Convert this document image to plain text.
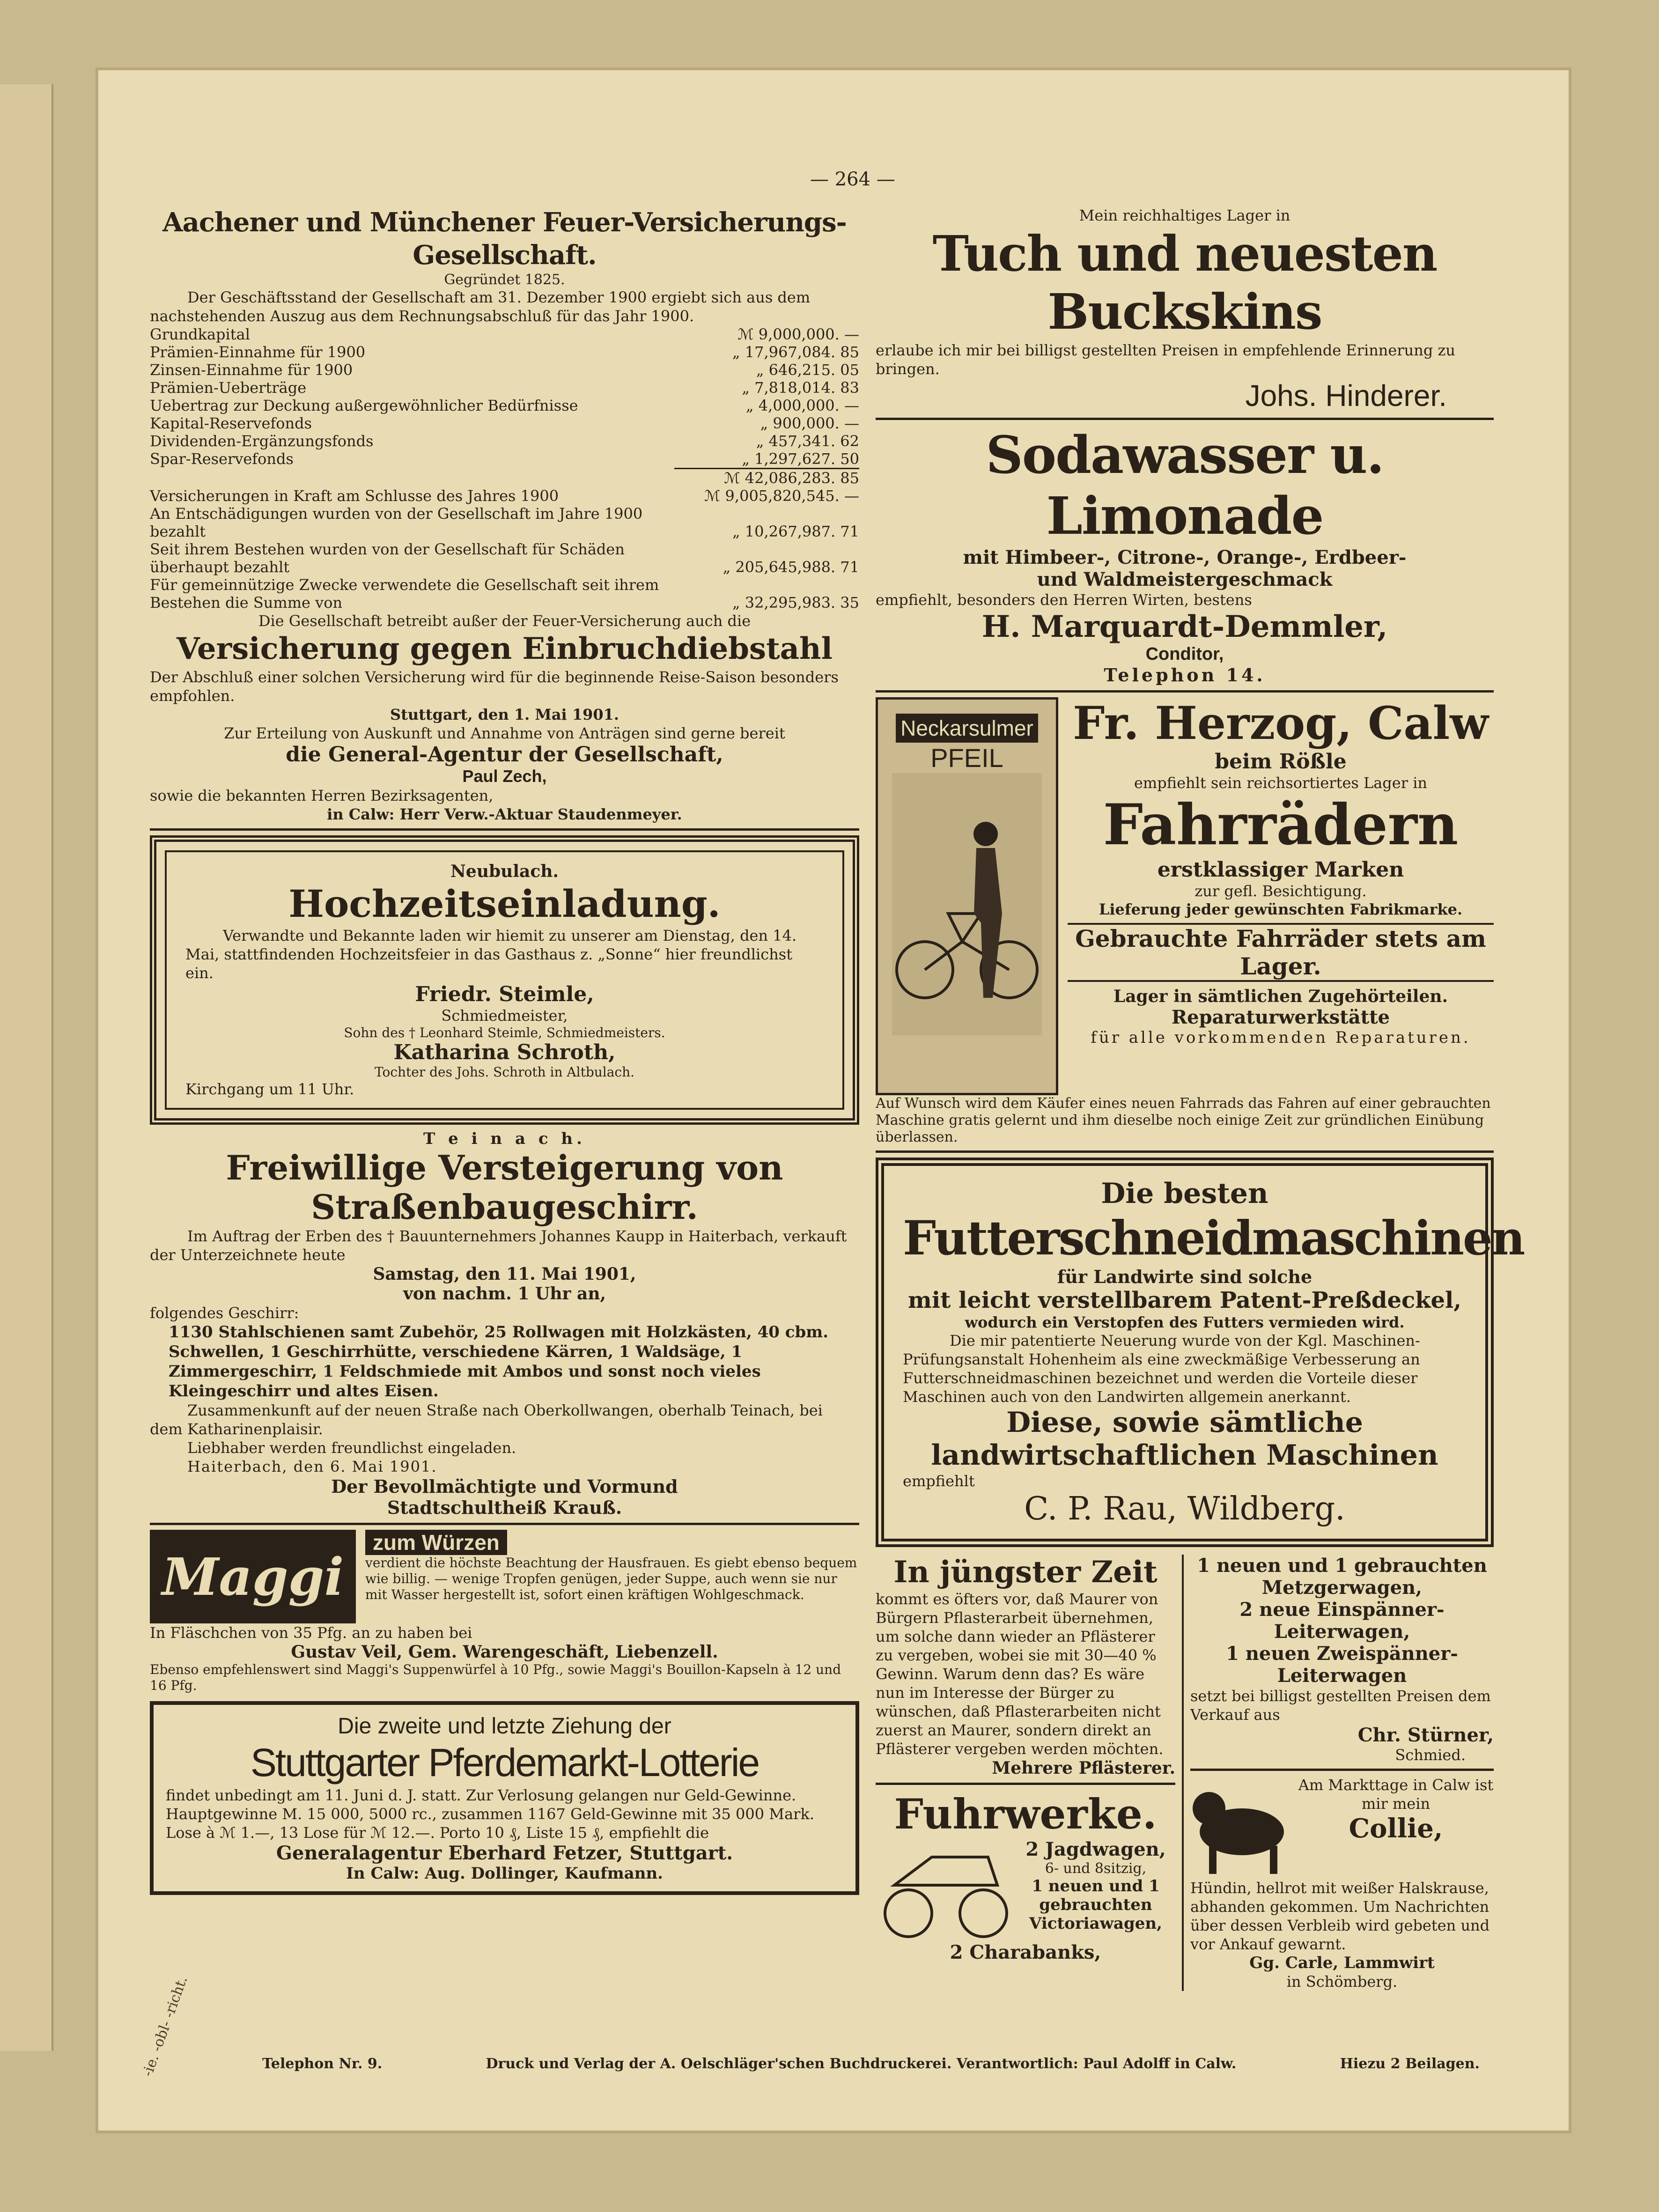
-ie. -obl- -richt.
— 264 —
Aachener und Münchener Feuer-Versicherungs-Gesellschaft.
Gegründet 1825.
Der Geschäftsstand der Gesellschaft am 31. Dezember 1900 ergiebt sich aus dem nachstehenden Auszug aus dem Rechnungsabschluß für das Jahr 1900.
Grundkapital	ℳ 9,000,000. —
Prämien-Einnahme für 1900	„ 17,967,084. 85
Zinsen-Einnahme für 1900	„ 646,215. 05
Prämien-Ueberträge	„ 7,818,014. 83
Uebertrag zur Deckung außergewöhnlicher Bedürfnisse	„ 4,000,000. —
Kapital-Reservefonds	„ 900,000. —
Dividenden-Ergänzungsfonds	„ 457,341. 62
Spar-Reservefonds	„ 1,297,627. 50
ℳ 42,086,283. 85
Versicherungen in Kraft am Schlusse des Jahres 1900	ℳ 9,005,820,545. —
An Entschädigungen wurden von der Gesellschaft im Jahre 1900 bezahlt	„ 10,267,987. 71
Seit ihrem Bestehen wurden von der Gesellschaft für Schäden überhaupt bezahlt	„ 205,645,988. 71
Für gemeinnützige Zwecke verwendete die Gesellschaft seit ihrem Bestehen die Summe von	„ 32,295,983. 35
Die Gesellschaft betreibt außer der Feuer-Versicherung auch die
Versicherung gegen Einbruchdiebstahl
Der Abschluß einer solchen Versicherung wird für die beginnende Reise-Saison besonders empfohlen.
Stuttgart, den 1. Mai 1901.
Zur Erteilung von Auskunft und Annahme von Anträgen sind gerne bereit
die General-Agentur der Gesellschaft,
Paul Zech,
sowie die bekannten Herren Bezirksagenten,
in Calw: Herr Verw.-Aktuar Staudenmeyer.
Neubulach.
Hochzeitseinladung.
Verwandte und Bekannte laden wir hiemit zu unserer am Dienstag, den 14. Mai, stattfindenden Hochzeitsfeier in das Gasthaus z. „Sonne“ hier freundlichst ein.
Friedr. Steimle,
Schmiedmeister,
Sohn des † Leonhard Steimle, Schmiedmeisters.
Katharina Schroth,
Tochter des Johs. Schroth in Altbulach.
Kirchgang um 11 Uhr.
T e i n a c h.
Freiwillige Versteigerung von
Straßenbaugeschirr.
Im Auftrag der Erben des † Bauunternehmers Johannes Kaupp in Haiterbach, verkauft der Unterzeichnete heute
Samstag, den 11. Mai 1901,
von nachm. 1 Uhr an,
folgendes Geschirr:
1130 Stahlschienen samt Zubehör, 25 Rollwagen mit Holzkästen, 40 cbm. Schwellen, 1 Geschirrhütte, verschiedene Kärren, 1 Waldsäge, 1 Zimmergeschirr, 1 Feldschmiede mit Ambos und sonst noch vieles Kleingeschirr und altes Eisen.
Zusammenkunft auf der neuen Straße nach Oberkollwangen, oberhalb Teinach, bei dem Katharinenplaisir.
Liebhaber werden freundlichst eingeladen.
Haiterbach, den 6. Mai 1901.
Der Bevollmächtigte und Vormund
Stadtschultheiß Krauß.
Maggi
zum Würzen
verdient die höchste Beachtung der Hausfrauen. Es giebt ebenso bequem wie billig. — wenige Tropfen genügen, jeder Suppe, auch wenn sie nur mit Wasser hergestellt ist, sofort einen kräftigen Wohlgeschmack.
In Fläschchen von 35 Pfg. an zu haben bei
Gustav Veil, Gem. Warengeschäft, Liebenzell.
Ebenso empfehlenswert sind Maggi's Suppenwürfel à 10 Pfg., sowie Maggi's Bouillon-Kapseln à 12 und 16 Pfg.
Die zweite und letzte Ziehung der
Stuttgarter Pferdemarkt-Lotterie
findet unbedingt am 11. Juni d. J. statt. Zur Verlosung gelangen nur Geld-Gewinne. Hauptgewinne M. 15 000, 5000 rc., zusammen 1167 Geld-Gewinne mit 35 000 Mark. Lose à ℳ 1.—, 13 Lose für ℳ 12.—. Porto 10 ₰, Liste 15 ₰, empfiehlt die
Generalagentur Eberhard Fetzer, Stuttgart.
In Calw: Aug. Dollinger, Kaufmann.
Mein reichhaltiges Lager in
Tuch und neuesten Buckskins
erlaube ich mir bei billigst gestellten Preisen in empfehlende Erinnerung zu bringen.
Johs. Hinderer.
Sodawasser u. Limonade
mit Himbeer-, Citrone-, Orange-, Erdbeer-
und Waldmeistergeschmack
empfiehlt, besonders den Herren Wirten, bestens
H. Marquardt-Demmler,
Conditor,
Telephon 14.
Neckarsulmer
PFEIL
Fr. Herzog, Calw
beim Rößle
empfiehlt sein reichsortiertes Lager in
Fahrrädern
erstklassiger Marken
zur gefl. Besichtigung.
Lieferung jeder gewünschten Fabrikmarke.
Gebrauchte Fahrräder stets am Lager.
Lager in sämtlichen Zugehörteilen.
Reparaturwerkstätte
für alle vorkommenden Reparaturen.
Auf Wunsch wird dem Käufer eines neuen Fahrrads das Fahren auf einer gebrauchten Maschine gratis gelernt und ihm dieselbe noch einige Zeit zur gründlichen Einübung überlassen.
Die besten
Futterschneidmaschinen
für Landwirte sind solche
mit leicht verstellbarem Patent-Preßdeckel,
wodurch ein Verstopfen des Futters vermieden wird.
Die mir patentierte Neuerung wurde von der Kgl. Maschinen-Prüfungsanstalt Hohenheim als eine zweckmäßige Verbesserung an Futterschneidmaschinen bezeichnet und werden die Vorteile dieser Maschinen auch von den Landwirten allgemein anerkannt.
Diese, sowie sämtliche
landwirtschaftlichen Maschinen
empfiehlt
C. P. Rau, Wildberg.
In jüngster Zeit
kommt es öfters vor, daß Maurer von Bürgern Pflasterarbeit übernehmen, um solche dann wieder an Pflästerer zu vergeben, wobei sie mit 30—40 % Gewinn. Warum denn das? Es wäre nun im Interesse der Bürger zu wünschen, daß Pflasterarbeiten nicht zuerst an Maurer, sondern direkt an Pflästerer vergeben werden möchten.
Mehrere Pflästerer.
Fuhrwerke.
2 Jagdwagen,
6- und 8sitzig,
1 neuen und 1
gebrauchten
Victoriawagen,
2 Charabanks,
1 neuen und 1 gebrauchten
Metzgerwagen,
2 neue Einspänner-Leiterwagen,
1 neuen Zweispänner-Leiterwagen
setzt bei billigst gestellten Preisen dem Verkauf aus
Chr. Stürner,
Schmied.
Am Markttage in Calw ist mir mein
Collie,
Hündin, hellrot mit weißer Halskrause, abhanden gekommen. Um Nachrichten über dessen Verbleib wird gebeten und vor Ankauf gewarnt.
Gg. Carle, Lammwirt
in Schömberg.
Telephon Nr. 9.	Druck und Verlag der A. Oelschläger'schen Buchdruckerei. Verantwortlich: Paul Adolff in Calw.	Hiezu 2 Beilagen.
